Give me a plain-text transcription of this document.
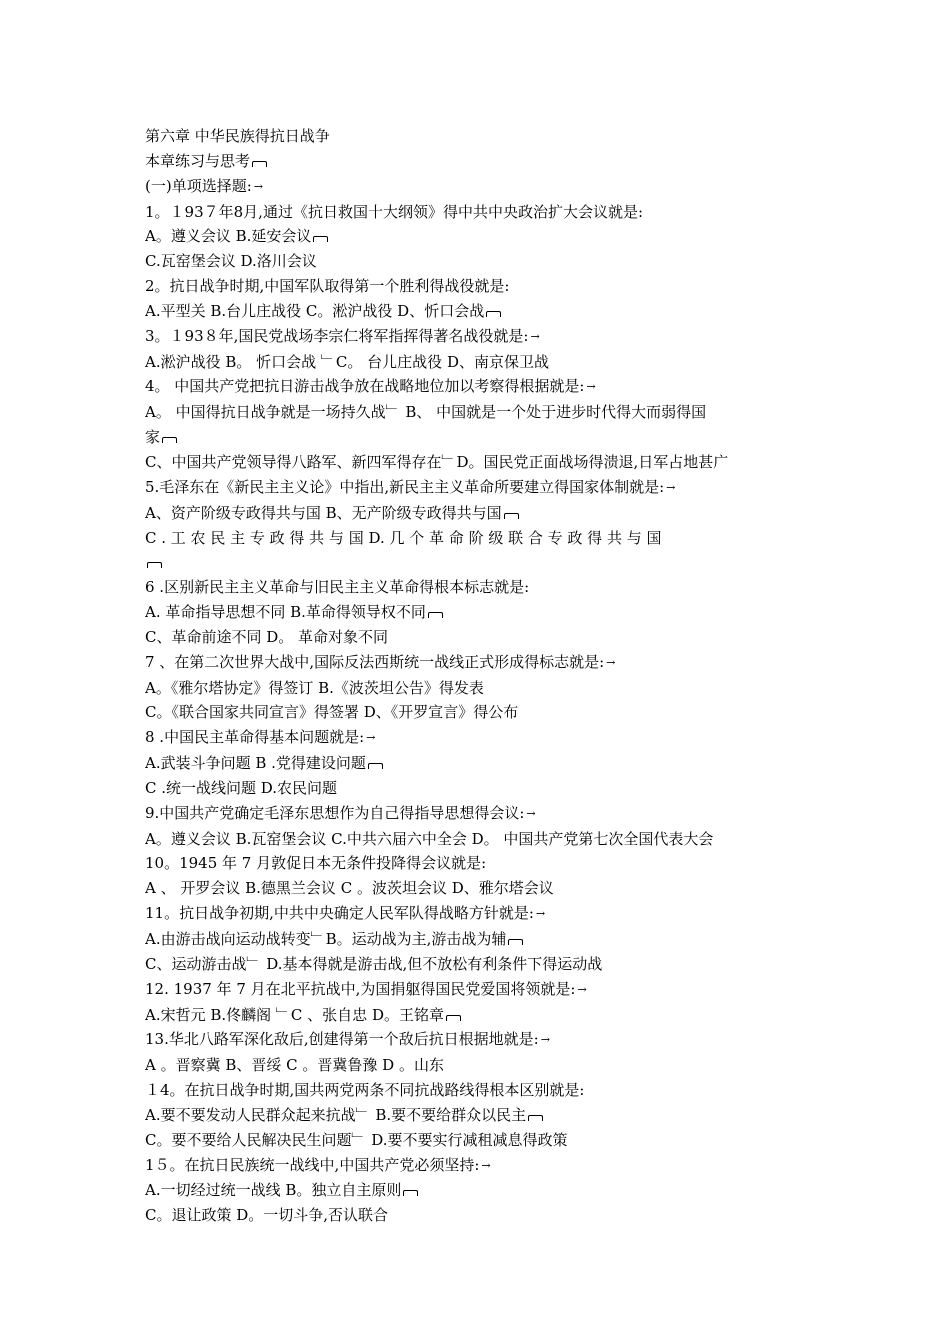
第六章 中华民族得抗日战争
本章练习与思考
(一)单项选择题: →
1。１93７年8月,通过《抗日救国十大纲领》得中共中央政治扩大会议就是:
A。遵义会议 B.延安会议
C.瓦窑堡会议 D.洛川会议
2。抗日战争时期,中国军队取得第一个胜利得战役就是:
A.平型关 B.台儿庄战役 C。淞沪战役 D、忻口会战
3。１93８年,国民党战场李宗仁将军指挥得著名战役就是: →
A.淞沪战役 B。 忻口会战 ﹂C。 台儿庄战役 D、南京保卫战
4。 中国共产党把抗日游击战争放在战略地位加以考察得根据就是: →
A。 中国得抗日战争就是一场持久战﹂ B、 中国就是一个处于进步时代得大而弱得国
家
C、中国共产党领导得八路军、新四军得存在﹂D。国民党正面战场得溃退,日军占地甚广
5.毛泽东在《新民主主义论》中指出,新民主主义革命所要建立得国家体制就是: →
A、资产阶级专政得共与国 B、无产阶级专政得共与国
C . 工 农 民 主 专 政 得 共 与 国 D. 几 个 革 命 阶 级 联 合 专 政 得 共 与 国
6 .区别新民主主义革命与旧民主主义革命得根本标志就是:
A. 革命指导思想不同 B.革命得领导权不同
C、革命前途不同 D。 革命对象不同
7 、在第二次世界大战中,国际反法西斯统一战线正式形成得标志就是: →
A。《雅尔塔协定》得签订 B.《波茨坦公告》得发表
C。《联合国家共同宣言》得签署 D、《开罗宣言》得公布
8 .中国民主革命得基本问题就是: →
A.武装斗争问题 B .党得建设问题
C .统一战线问题 D.农民问题
9.中国共产党确定毛泽东思想作为自己得指导思想得会议: →
A。遵义会议 B.瓦窑堡会议 C.中共六届六中全会 D。 中国共产党第七次全国代表大会
10。1945 年 7 月敦促日本无条件投降得会议就是:
A 、 开罗会议 B.德黑兰会议 C 。波茨坦会议 D、雅尔塔会议
11。抗日战争初期,中共中央确定人民军队得战略方针就是: →
A.由游击战向运动战转变﹂B。运动战为主,游击战为辅
C、运动游击战﹂ D.基本得就是游击战,但不放松有利条件下得运动战
12. 1937 年 7 月在北平抗战中,为国捐躯得国民党爱国将领就是: →
A.宋哲元 B.佟麟阁 ﹂C 、张自忠 D。王铭章
13.华北八路军深化敌后,创建得第一个敌后抗日根据地就是: →
A 。晋察冀 B、晋绥 C 。晋冀鲁豫 D 。山东
１4。在抗日战争时期,国共两党两条不同抗战路线得根本区别就是:
A.要不要发动人民群众起来抗战﹂ B.要不要给群众以民主
C。要不要给人民解决民生问题﹂ D.要不要实行减租减息得政策
1５。在抗日民族统一战线中,中国共产党必须坚持: →
A.一切经过统一战线 B。独立自主原则
C。退让政策 D。一切斗争,否认联合
